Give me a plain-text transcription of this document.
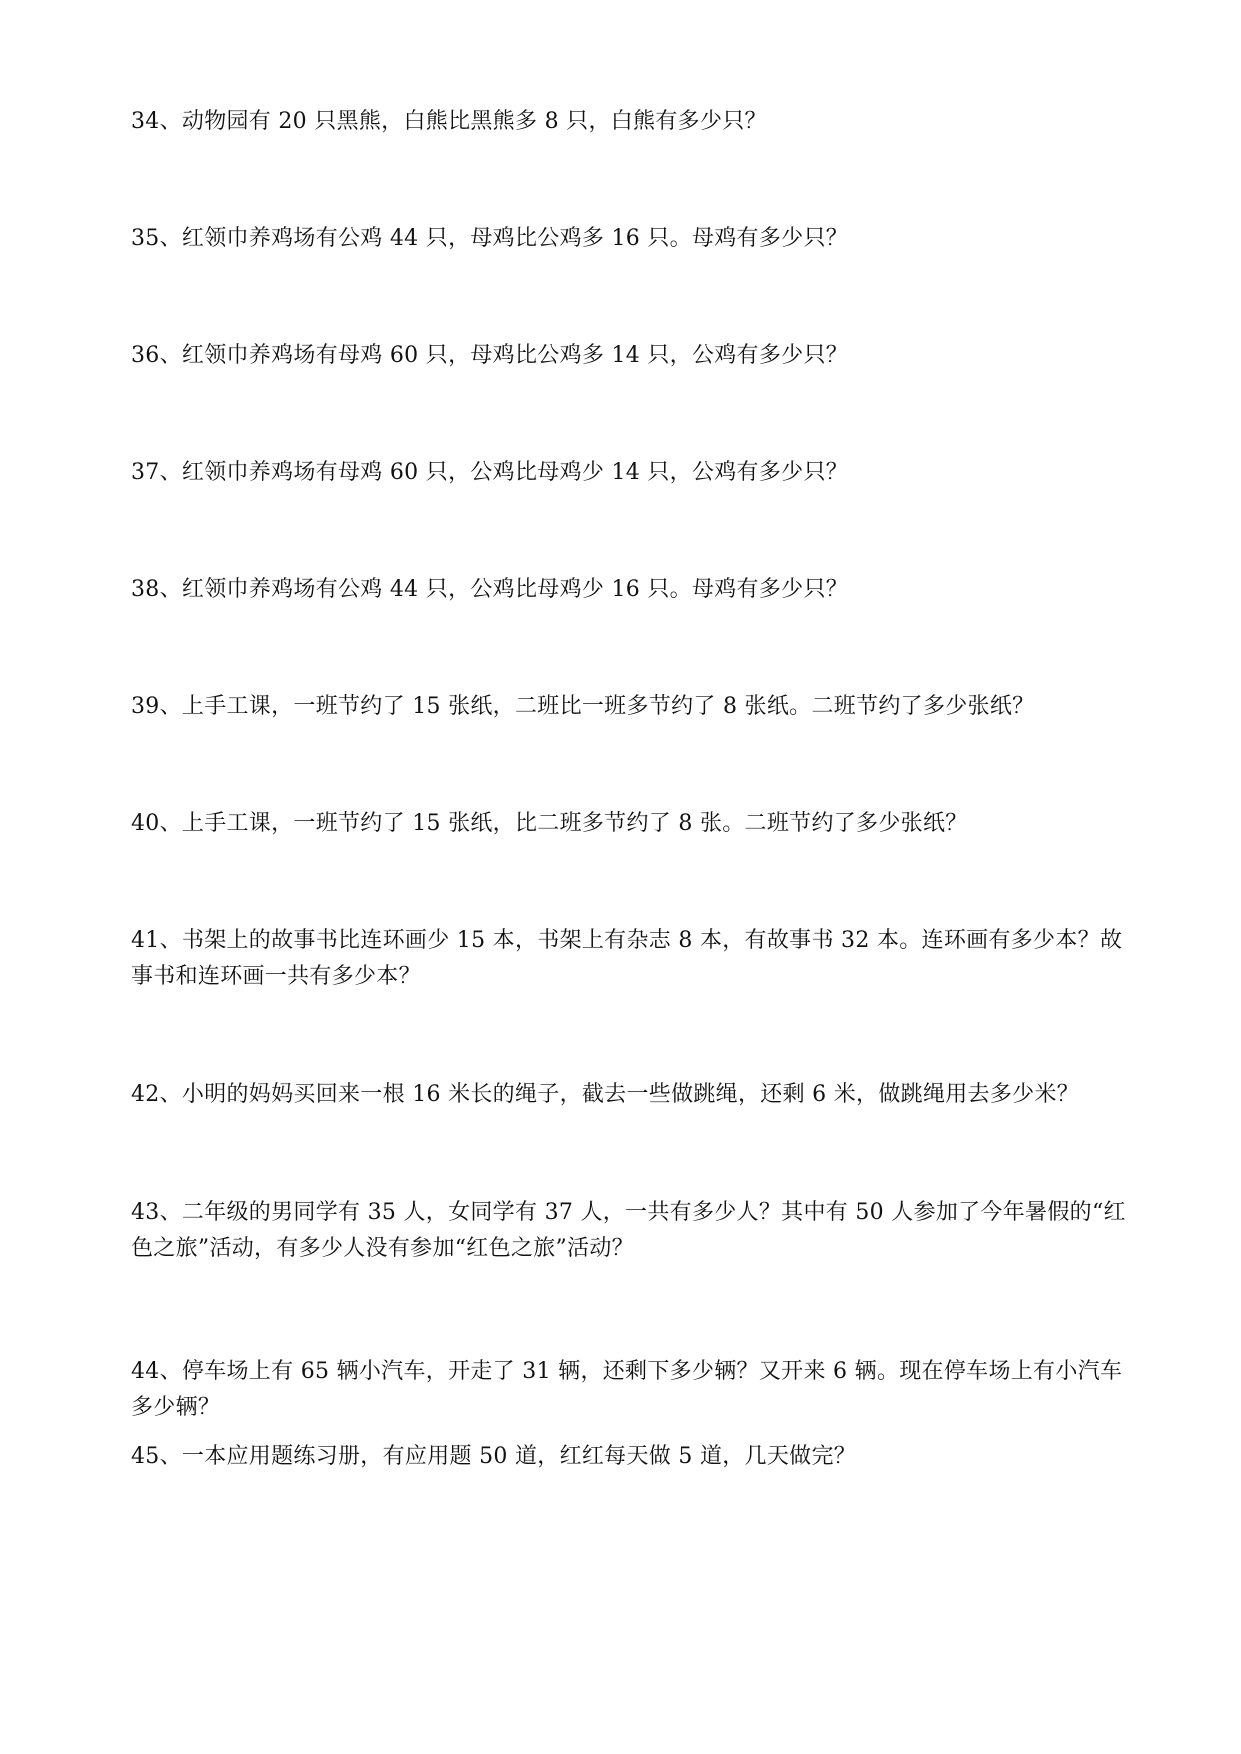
34、动物园有 20 只黑熊，白熊比黑熊多 8 只，白熊有多少只？
35、红领巾养鸡场有公鸡 44 只，母鸡比公鸡多 16 只。母鸡有多少只？
36、红领巾养鸡场有母鸡 60 只，母鸡比公鸡多 14 只，公鸡有多少只？
37、红领巾养鸡场有母鸡 60 只，公鸡比母鸡少 14 只，公鸡有多少只？
38、红领巾养鸡场有公鸡 44 只，公鸡比母鸡少 16 只。母鸡有多少只？
39、上手工课，一班节约了 15 张纸，二班比一班多节约了 8 张纸。二班节约了多少张纸？
40、上手工课，一班节约了 15 张纸，比二班多节约了 8 张。二班节约了多少张纸？
41、书架上的故事书比连环画少 15 本，书架上有杂志 8 本，有故事书 32 本。连环画有多少本？故事书和连环画一共有多少本？
42、小明的妈妈买回来一根 16 米长的绳子，截去一些做跳绳，还剩 6 米，做跳绳用去多少米？
43、二年级的男同学有 35 人，女同学有 37 人，一共有多少人？其中有 50 人参加了今年暑假的“红色之旅”活动，有多少人没有参加“红色之旅”活动？
44、停车场上有 65 辆小汽车，开走了 31 辆，还剩下多少辆？又开来 6 辆。现在停车场上有小汽车多少辆？
45、一本应用题练习册，有应用题 50 道，红红每天做 5 道，几天做完？
